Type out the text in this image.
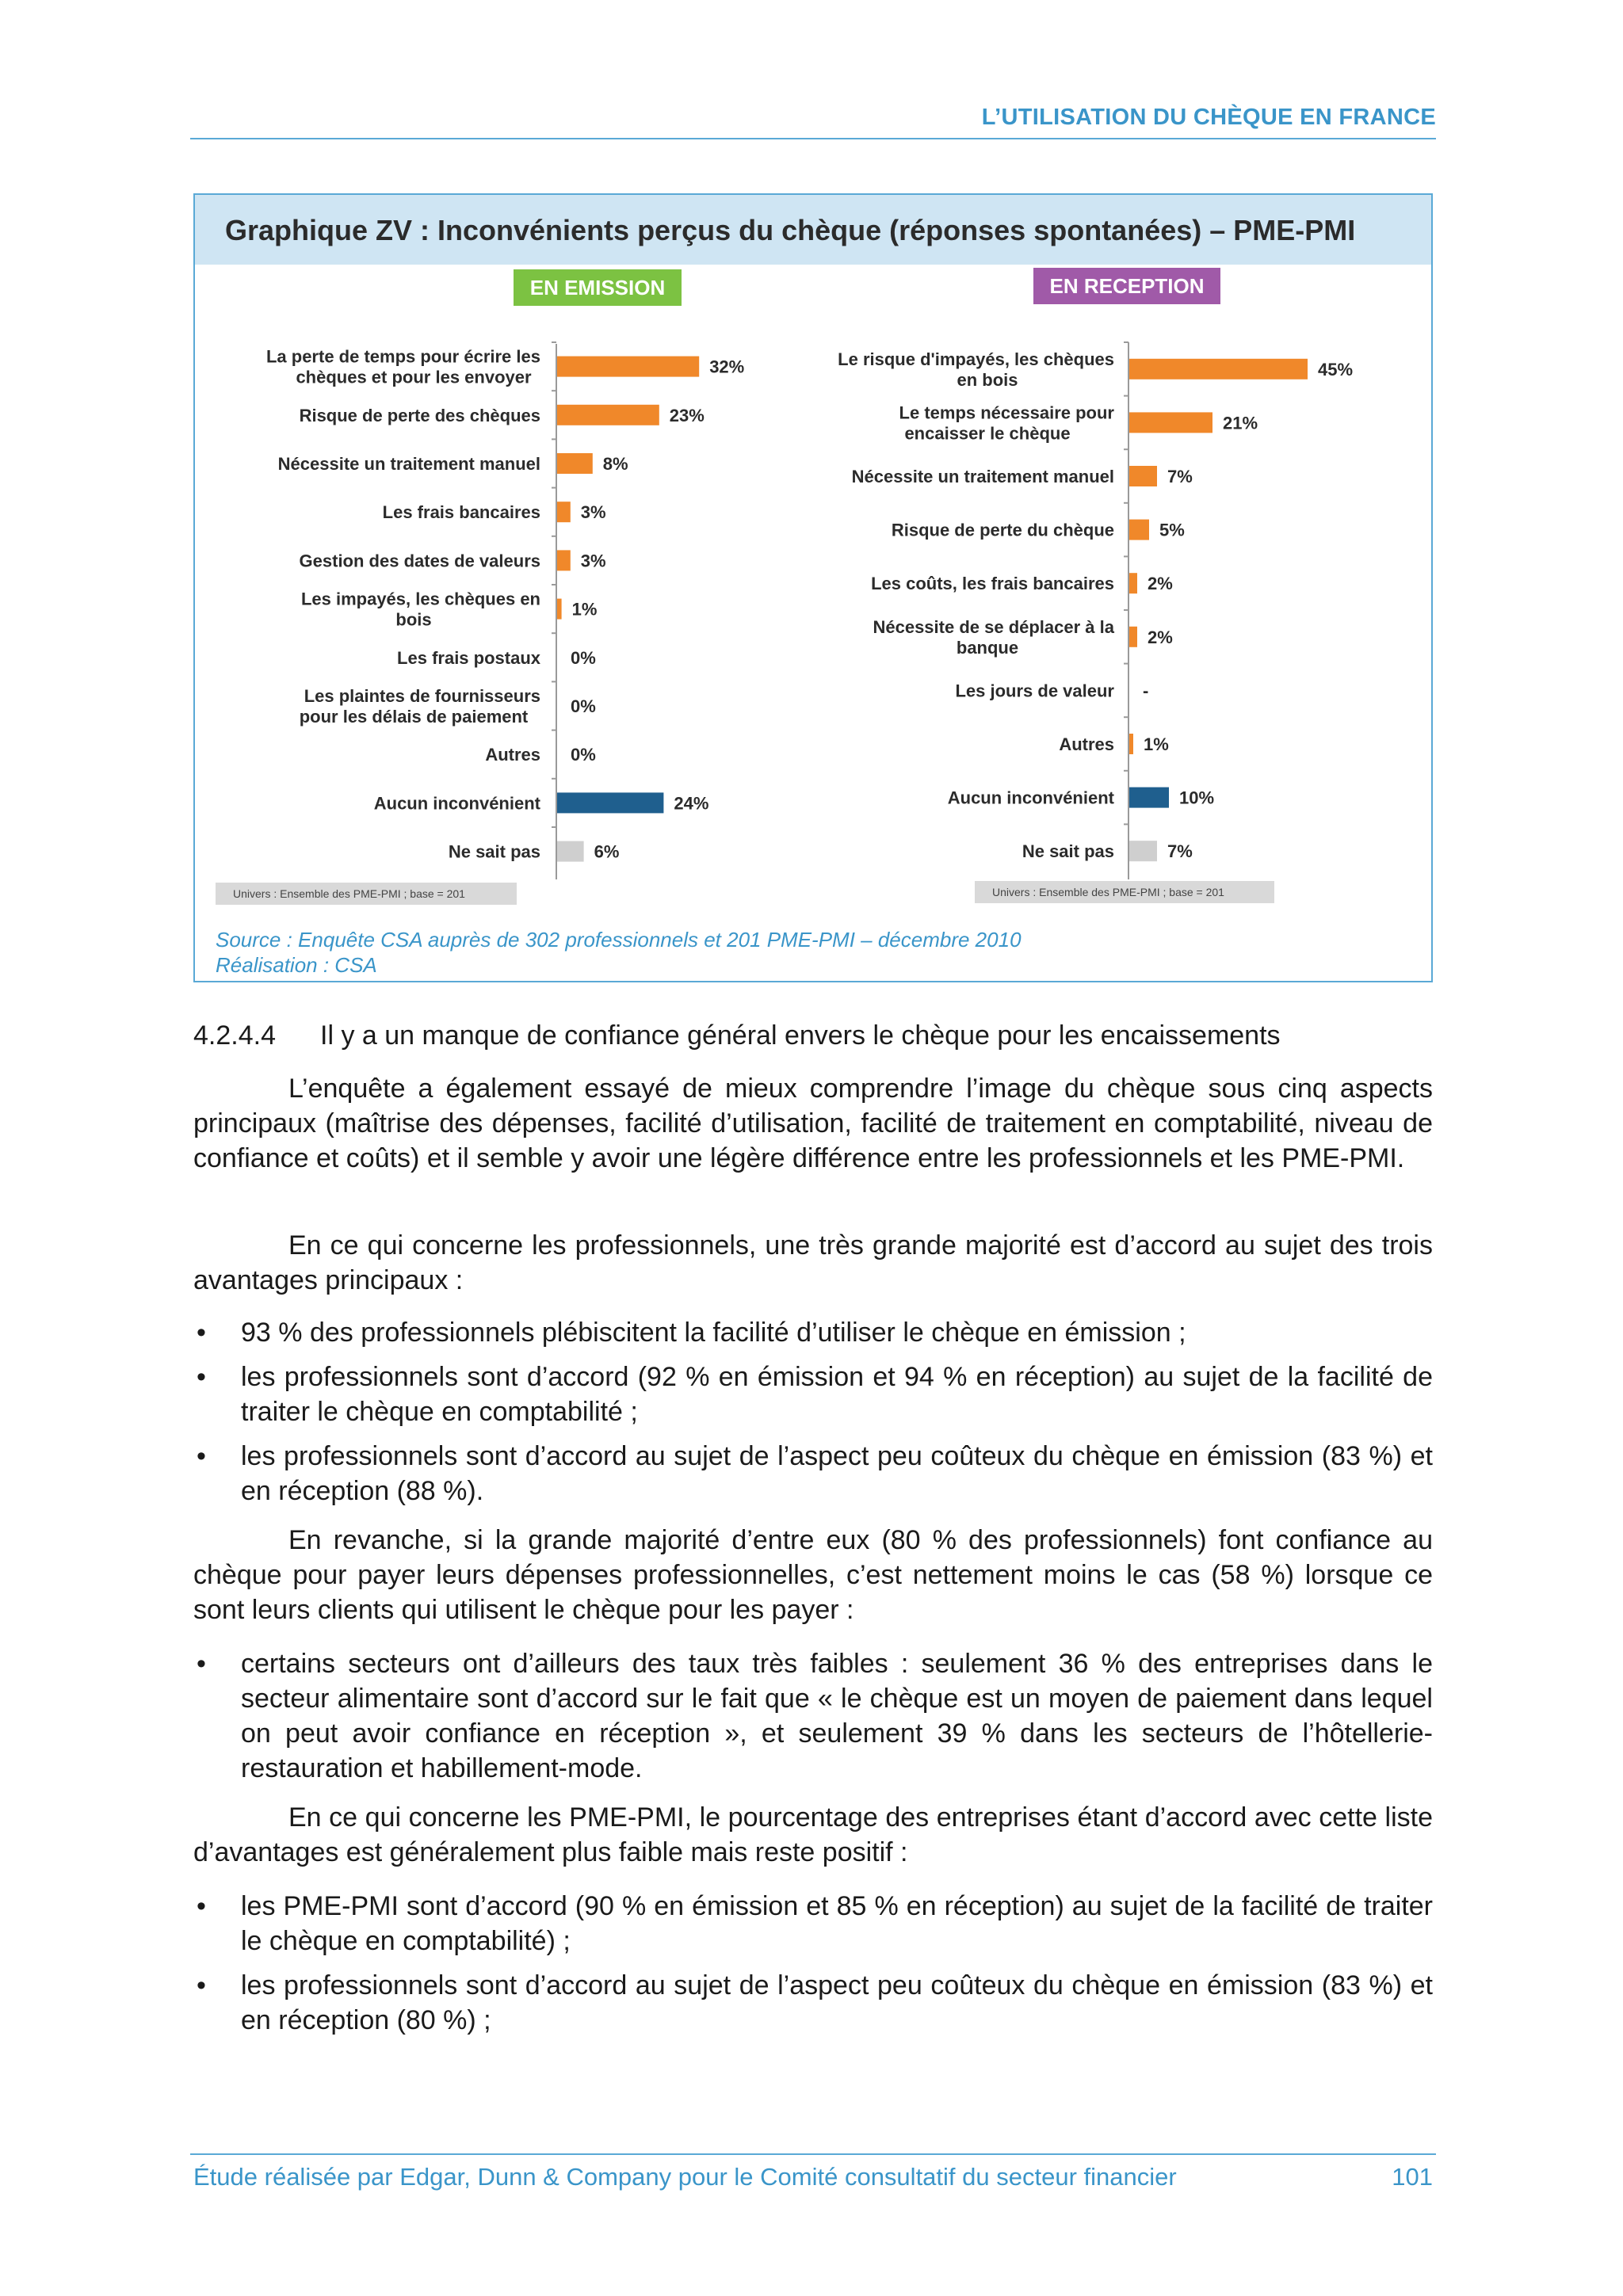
L’UTILISATION DU CHÈQUE EN FRANCE
Graphique ZV : Inconvénients perçus du chèque (réponses spontanées) – PME-PMI
EN EMISSION	EN RECEPTION
32%
La perte de temps pour écrire les chèques et pour les envoyer
23%
Risque de perte des chèques
8%
Nécessite un traitement manuel
3%
Les frais bancaires
3%
Gestion des dates de valeurs
1%
Les impayés, les chèques en bois
0%
Les frais postaux
0%
Les plaintes de fournisseurs pour les délais de paiement
0%
Autres
24%
Aucun inconvénient
6%
Ne sait pas
45%
Le risque d'impayés, les chèques en bois
21%
Le temps nécessaire pour encaisser le chèque
7%
Nécessite un traitement manuel
5%
Risque de perte du chèque
2%
Les coûts, les frais bancaires
2%
Nécessite de se déplacer à la banque
-
Les jours de valeur
1%
Autres
10%
Aucun inconvénient
7%
Ne sait pas
Univers : Ensemble des PME-PMI ; base = 201	Univers : Ensemble des PME-PMI ; base = 201
Source : Enquête CSA auprès de 302 professionnels et 201 PME-PMI – décembre 2010
Réalisation : CSA
4.2.4.4 Il y a un manque de confiance général envers le chèque pour les encaissements
L’enquête a également essayé de mieux comprendre l’image du chèque sous cinq aspects principaux (maîtrise des dépenses, facilité d’utilisation, facilité de traitement en comptabilité, niveau de confiance et coûts) et il semble y avoir une légère différence entre les professionnels et les PME-PMI.
En ce qui concerne les professionnels, une très grande majorité est d’accord au sujet des trois avantages principaux :
• 93 % des professionnels plébiscitent la facilité d’utiliser le chèque en émission ;
• les professionnels sont d’accord (92 % en émission et 94 % en réception) au sujet de la facilité de traiter le chèque en comptabilité ;
• les professionnels sont d’accord au sujet de l’aspect peu coûteux du chèque en émission (83 %) et en réception (88 %).
En revanche, si la grande majorité d’entre eux (80 % des professionnels) font confiance au chèque pour payer leurs dépenses professionnelles, c’est nettement moins le cas (58 %) lorsque ce sont leurs clients qui utilisent le chèque pour les payer :
• certains secteurs ont d’ailleurs des taux très faibles : seulement 36 % des entreprises dans le secteur alimentaire sont d’accord sur le fait que « le chèque est un moyen de paiement dans lequel on peut avoir confiance en réception », et seulement 39 % dans les secteurs de l’hôtellerie-restauration et habillement-mode.
En ce qui concerne les PME-PMI, le pourcentage des entreprises étant d’accord avec cette liste d’avantages est généralement plus faible mais reste positif :
• les PME-PMI sont d’accord (90 % en émission et 85 % en réception) au sujet de la facilité de traiter le chèque en comptabilité) ;
• les professionnels sont d’accord au sujet de l’aspect peu coûteux du chèque en émission (83 %) et en réception (80 %) ;
Étude réalisée par Edgar, Dunn & Company pour le Comité consultatif du secteur financier	101
